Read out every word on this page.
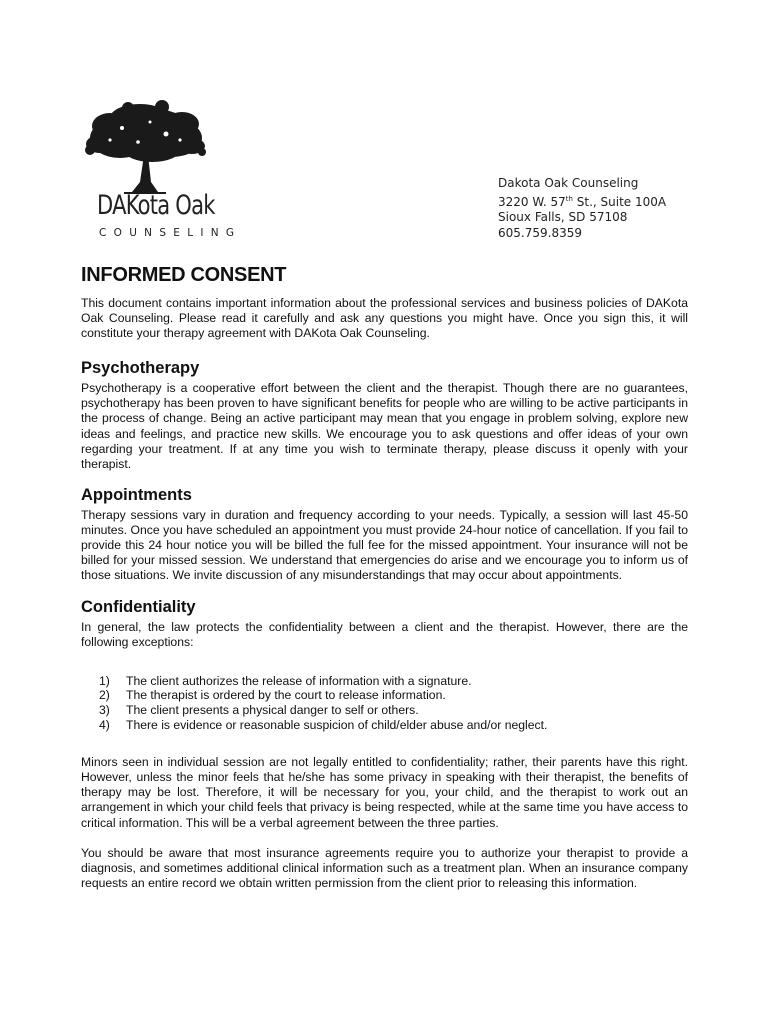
DAKota Oak
COUNSELING
Dakota Oak Counseling
3220 W. 57th St., Suite 100A
Sioux Falls, SD 57108
605.759.8359
INFORMED CONSENT

This document contains important information about the professional services and business policies of DAKota Oak Counseling. Please read it carefully and ask any questions you might have. Once you sign this, it will constitute your therapy agreement with DAKota Oak Counseling.

Psychotherapy

Psychotherapy is a cooperative effort between the client and the therapist. Though there are no guarantees, psychotherapy has been proven to have significant benefits for people who are willing to be active participants in the process of change. Being an active participant may mean that you engage in problem solving, explore new ideas and feelings, and practice new skills. We encourage you to ask questions and offer ideas of your own regarding your treatment. If at any time you wish to terminate therapy, please discuss it openly with your therapist.

Appointments

Therapy sessions vary in duration and frequency according to your needs. Typically, a session will last 45-50 minutes. Once you have scheduled an appointment you must provide 24-hour notice of cancellation. If you fail to provide this 24 hour notice you will be billed the full fee for the missed appointment. Your insurance will not be billed for your missed session. We understand that emergencies do arise and we encourage you to inform us of those situations. We invite discussion of any misunderstandings that may occur about appointments.

Confidentiality

In general, the law protects the confidentiality between a client and the therapist. However, there are the following exceptions:

1) The client authorizes the release of information with a signature.
2) The therapist is ordered by the court to release information.
3) The client presents a physical danger to self or others.
4) There is evidence or reasonable suspicion of child/elder abuse and/or neglect.

Minors seen in individual session are not legally entitled to confidentiality; rather, their parents have this right. However, unless the minor feels that he/she has some privacy in speaking with their therapist, the benefits of therapy may be lost. Therefore, it will be necessary for you, your child, and the therapist to work out an arrangement in which your child feels that privacy is being respected, while at the same time you have access to critical information. This will be a verbal agreement between the three parties.

You should be aware that most insurance agreements require you to authorize your therapist to provide a diagnosis, and sometimes additional clinical information such as a treatment plan. When an insurance company requests an entire record we obtain written permission from the client prior to releasing this information.
